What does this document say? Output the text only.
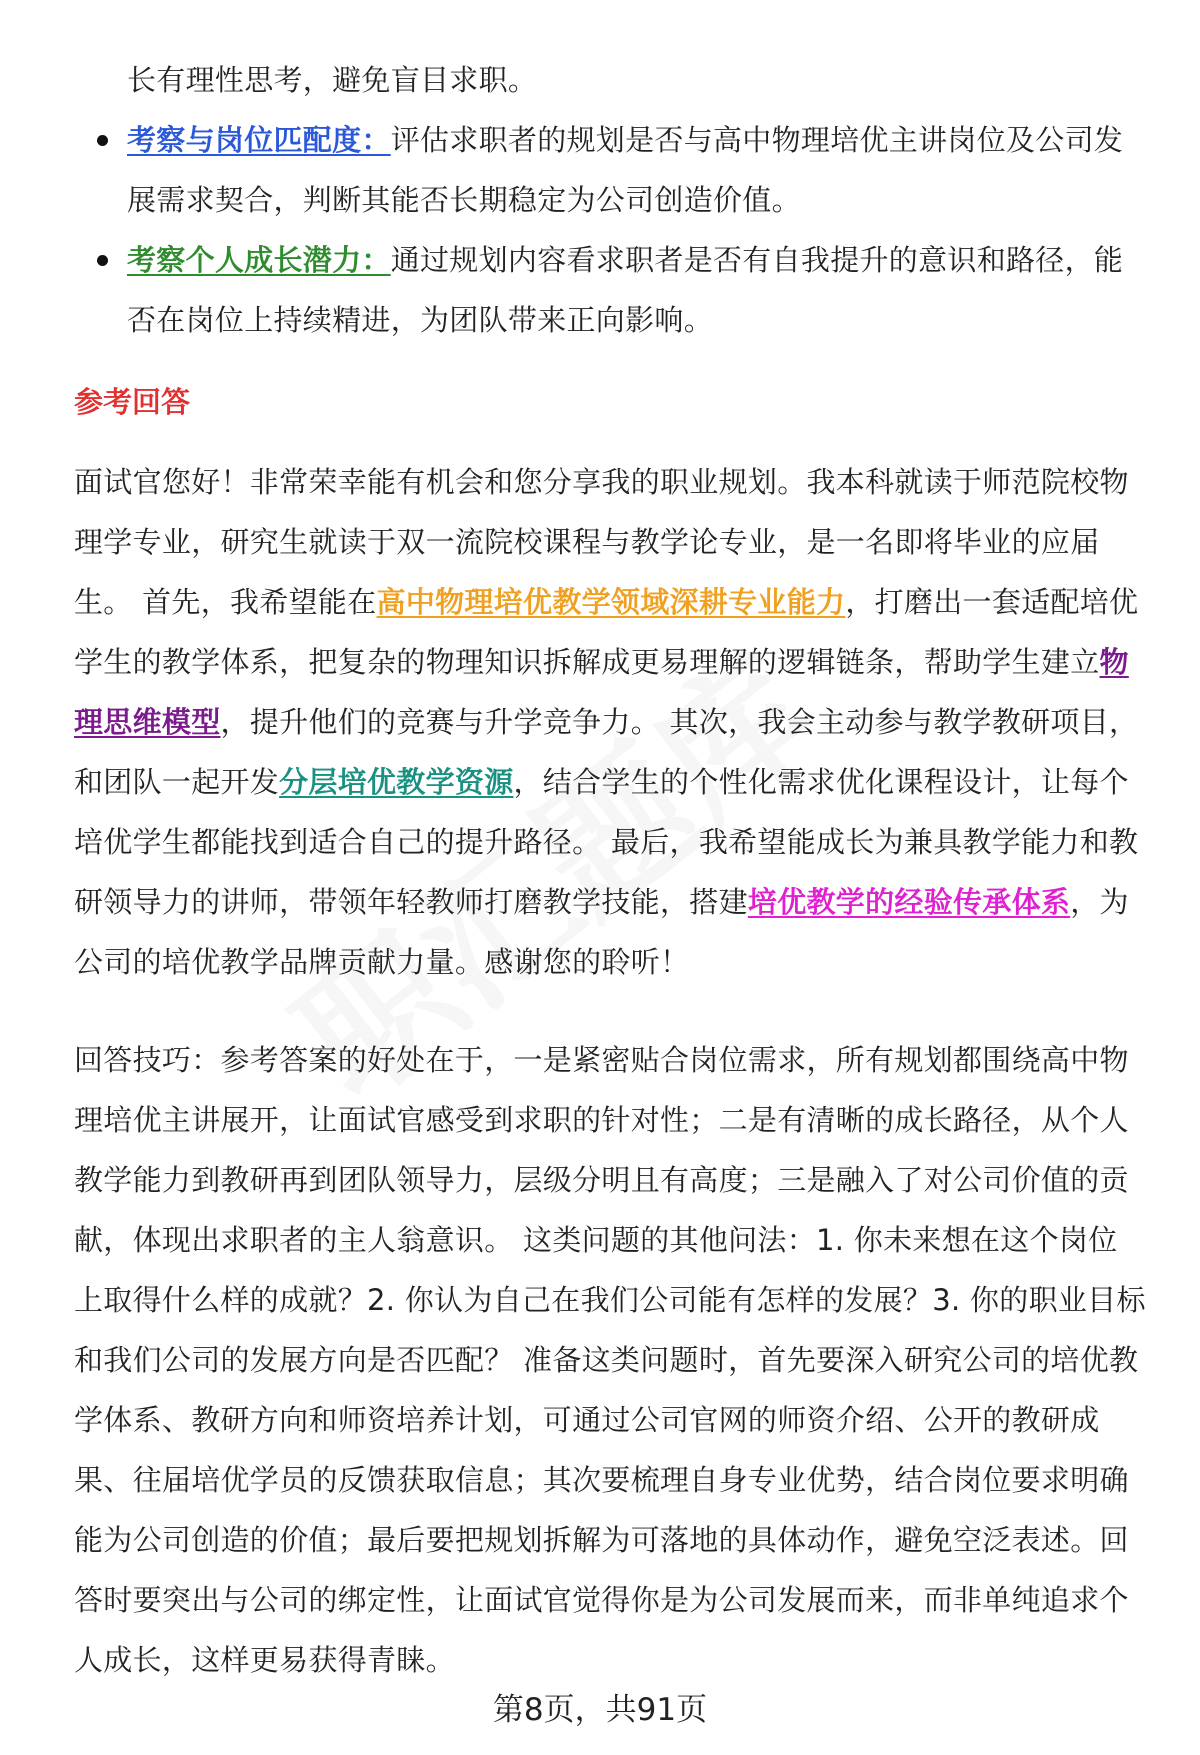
长有理性思考，避免盲目求职。
考察与岗位匹配度：评估求职者的规划是否与高中物理培优主讲岗位及公司发
展需求契合，判断其能否长期稳定为公司创造价值。
考察个人成长潜力：通过规划内容看求职者是否有自我提升的意识和路径，能
否在岗位上持续精进，为团队带来正向影响。
参考回答
面试官您好！非常荣幸能有机会和您分享我的职业规划。我本科就读于师范院校物
理学专业，研究生就读于双一流院校课程与教学论专业，是一名即将毕业的应届
生。 首先，我希望能在高中物理培优教学领域深耕专业能力，打磨出一套适配培优
学生的教学体系，把复杂的物理知识拆解成更易理解的逻辑链条，帮助学生建立物
理思维模型，提升他们的竞赛与升学竞争力。 其次，我会主动参与教学教研项目，
和团队一起开发分层培优教学资源，结合学生的个性化需求优化课程设计，让每个
培优学生都能找到适合自己的提升路径。 最后，我希望能成长为兼具教学能力和教
研领导力的讲师，带领年轻教师打磨教学技能，搭建培优教学的经验传承体系，为
公司的培优教学品牌贡献力量。感谢您的聆听！
回答技巧：参考答案的好处在于，一是紧密贴合岗位需求，所有规划都围绕高中物
理培优主讲展开，让面试官感受到求职的针对性；二是有清晰的成长路径，从个人
教学能力到教研再到团队领导力，层级分明且有高度；三是融入了对公司价值的贡
献，体现出求职者的主人翁意识。 这类问题的其他问法：1. 你未来想在这个岗位
上取得什么样的成就？2. 你认为自己在我们公司能有怎样的发展？3. 你的职业目标
和我们公司的发展方向是否匹配？ 准备这类问题时，首先要深入研究公司的培优教
学体系、教研方向和师资培养计划，可通过公司官网的师资介绍、公开的教研成
果、往届培优学员的反馈获取信息；其次要梳理自身专业优势，结合岗位要求明确
能为公司创造的价值；最后要把规划拆解为可落地的具体动作，避免空泛表述。回
答时要突出与公司的绑定性，让面试官觉得你是为公司发展而来，而非单纯追求个
人成长，这样更易获得青睐。
第8页，共91页
